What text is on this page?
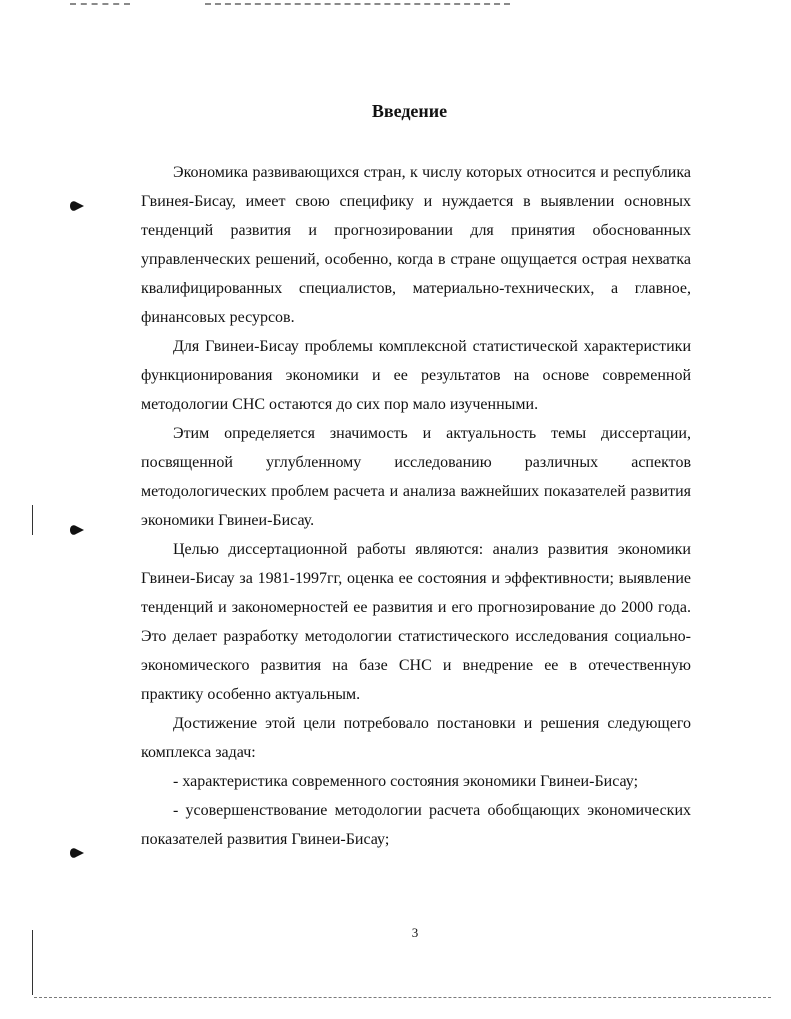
Введение

Экономика развивающихся стран, к числу которых относится и республика Гвинея-Бисау, имеет свою специфику и нуждается в выявлении основных тенденций развития и прогнозировании для принятия обоснованных управленческих решений, особенно, когда в стране ощущается острая нехватка квалифицированных специалистов, материально-технических, а главное, финансовых ресурсов.

Для Гвинеи-Бисау проблемы комплексной статистической характеристики функционирования экономики и ее результатов на основе современной методологии СНС остаются до сих пор мало изученными.

Этим определяется значимость и актуальность темы диссертации, посвященной углубленному исследованию различных аспектов методологических проблем расчета и анализа важнейших показателей развития экономики Гвинеи-Бисау.

Целью диссертационной работы являются: анализ развития экономики Гвинеи-Бисау за 1981-1997гг, оценка ее состояния и эффективности; выявление тенденций и закономерностей ее развития и его прогнозирование до 2000 года. Это делает разработку методологии статистического исследования социально-экономического развития на базе СНС и внедрение ее в отечественную практику особенно актуальным.

Достижение этой цели потребовало постановки и решения следующего комплекса задач:

- характеристика современного состояния экономики Гвинеи-Бисау;

- усовершенствование методологии расчета обобщающих экономических показателей развития Гвинеи-Бисау;

3
